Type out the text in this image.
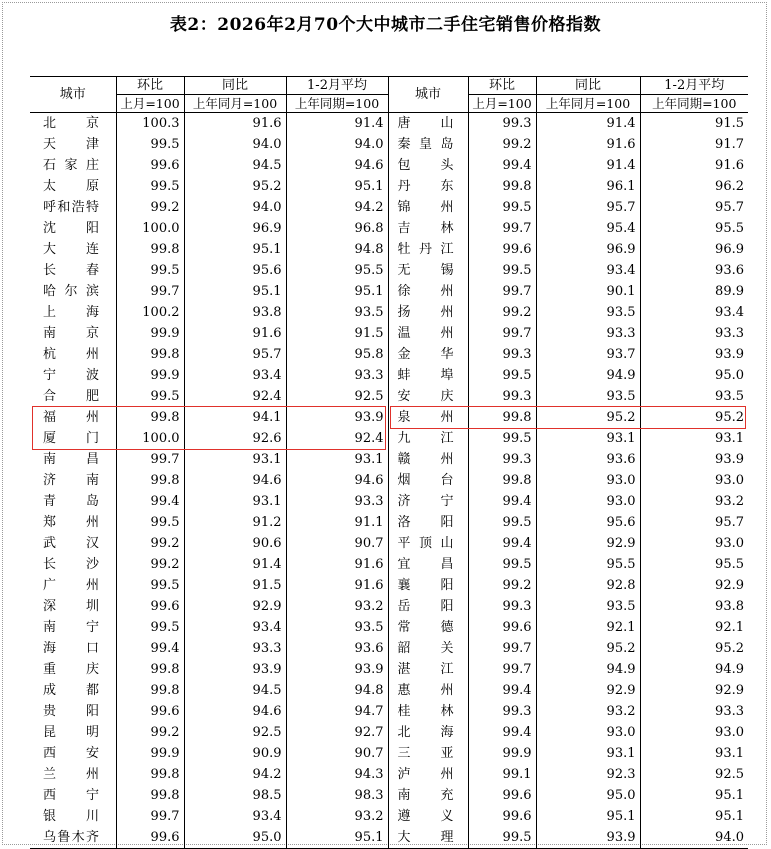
表2：2026年2月70个大中城市二手住宅销售价格指数
城市	环比	同比	1-2月平均	城市	环比	同比	1-2月平均
	上月=100	上年同月=100	上年同期=100		上月=100	上年同月=100	上年同期=100
北京	100.3	91.6	91.4	唐山	99.3	91.4	91.5
天津	99.5	94.0	94.0	秦皇岛	99.2	91.6	91.7
石家庄	99.6	94.5	94.6	包头	99.4	91.4	91.6
太原	99.5	95.2	95.1	丹东	99.8	96.1	96.2
呼和浩特	99.2	94.0	94.2	锦州	99.5	95.7	95.7
沈阳	100.0	96.9	96.8	吉林	99.7	95.4	95.5
大连	99.8	95.1	94.8	牡丹江	99.6	96.9	96.9
长春	99.5	95.6	95.5	无锡	99.5	93.4	93.6
哈尔滨	99.7	95.1	95.1	徐州	99.7	90.1	89.9
上海	100.2	93.8	93.5	扬州	99.2	93.5	93.4
南京	99.9	91.6	91.5	温州	99.7	93.3	93.3
杭州	99.8	95.7	95.8	金华	99.3	93.7	93.9
宁波	99.9	93.4	93.3	蚌埠	99.5	94.9	95.0
合肥	99.5	92.4	92.5	安庆	99.3	93.5	93.5
福州	99.8	94.1	93.9	泉州	99.8	95.2	95.2
厦门	100.0	92.6	92.4	九江	99.5	93.1	93.1
南昌	99.7	93.1	93.1	赣州	99.3	93.6	93.9
济南	99.8	94.6	94.6	烟台	99.8	93.0	93.0
青岛	99.4	93.1	93.3	济宁	99.4	93.0	93.2
郑州	99.5	91.2	91.1	洛阳	99.5	95.6	95.7
武汉	99.2	90.6	90.7	平顶山	99.4	92.9	93.0
长沙	99.2	91.4	91.6	宜昌	99.5	95.5	95.5
广州	99.5	91.5	91.6	襄阳	99.2	92.8	92.9
深圳	99.6	92.9	93.2	岳阳	99.3	93.5	93.8
南宁	99.5	93.4	93.5	常德	99.6	92.1	92.1
海口	99.4	93.3	93.6	韶关	99.7	95.2	95.2
重庆	99.8	93.9	93.9	湛江	99.7	94.9	94.9
成都	99.8	94.5	94.8	惠州	99.4	92.9	92.9
贵阳	99.6	94.6	94.7	桂林	99.3	93.2	93.3
昆明	99.2	92.5	92.7	北海	99.4	93.0	93.0
西安	99.9	90.9	90.7	三亚	99.9	93.1	93.1
兰州	99.8	94.2	94.3	泸州	99.1	92.3	92.5
西宁	99.8	98.5	98.3	南充	99.6	95.0	95.1
银川	99.7	93.4	93.2	遵义	99.6	95.1	95.1
乌鲁木齐	99.6	95.0	95.1	大理	99.5	93.9	94.0
